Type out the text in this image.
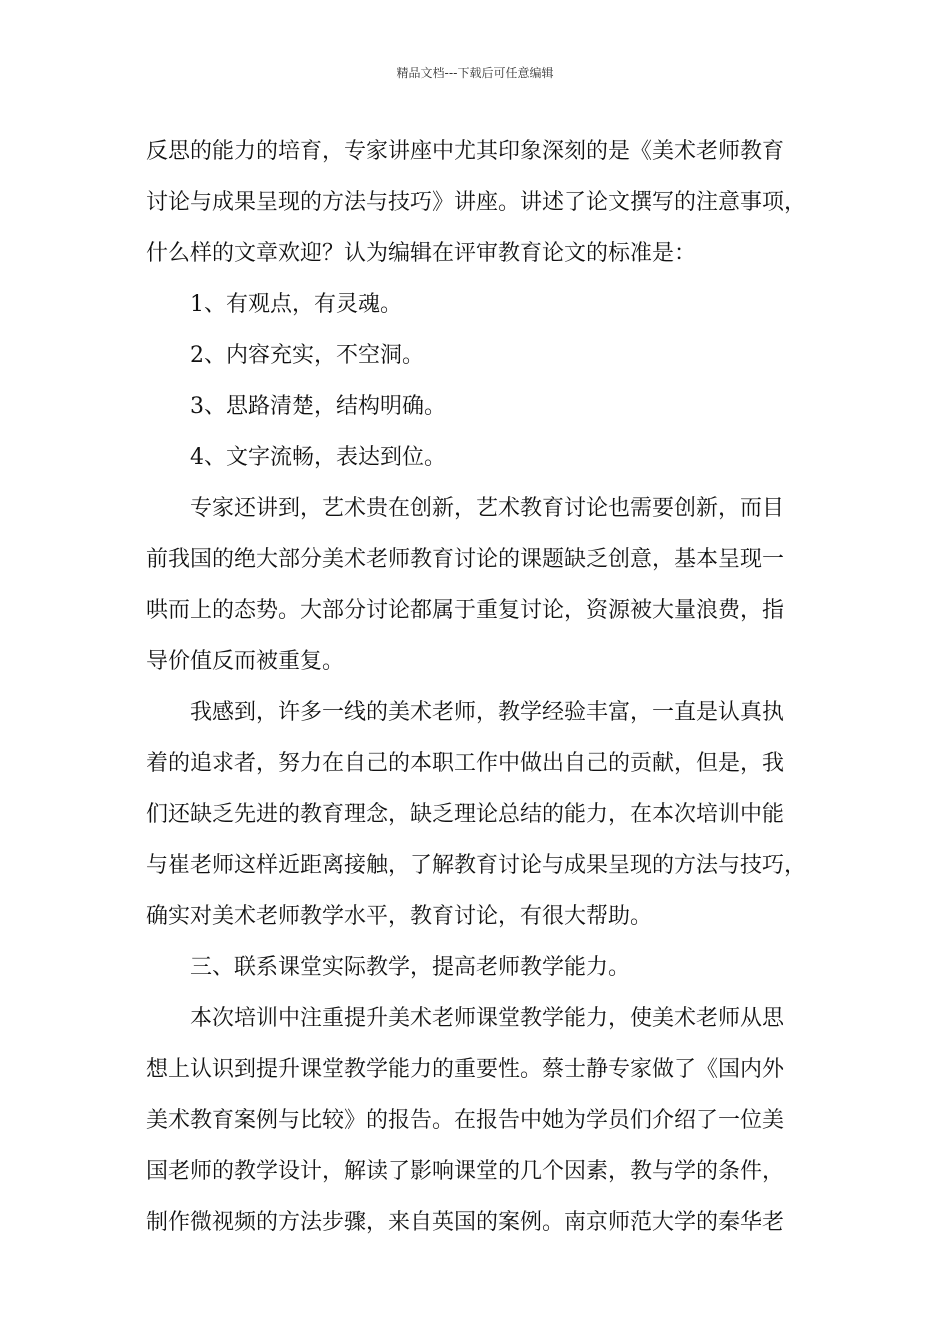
精品文档---下载后可任意编辑
反思的能力的培育，专家讲座中尤其印象深刻的是《美术老师教育
讨论与成果呈现的方法与技巧》讲座。讲述了论文撰写的注意事项，
什么样的文章欢迎？认为编辑在评审教育论文的标准是：
1、有观点，有灵魂。
2、内容充实，不空洞。
3、思路清楚，结构明确。
4、文字流畅，表达到位。
专家还讲到，艺术贵在创新，艺术教育讨论也需要创新，而目
前我国的绝大部分美术老师教育讨论的课题缺乏创意，基本呈现一
哄而上的态势。大部分讨论都属于重复讨论，资源被大量浪费，指
导价值反而被重复。
我感到，许多一线的美术老师，教学经验丰富，一直是认真执
着的追求者，努力在自己的本职工作中做出自己的贡献，但是，我
们还缺乏先进的教育理念，缺乏理论总结的能力，在本次培训中能
与崔老师这样近距离接触，了解教育讨论与成果呈现的方法与技巧，
确实对美术老师教学水平，教育讨论，有很大帮助。
三、联系课堂实际教学，提高老师教学能力。
本次培训中注重提升美术老师课堂教学能力，使美术老师从思
想上认识到提升课堂教学能力的重要性。蔡士静专家做了《国内外
美术教育案例与比较》的报告。在报告中她为学员们介绍了一位美
国老师的教学设计，解读了影响课堂的几个因素，教与学的条件，
制作微视频的方法步骤，来自英国的案例。南京师范大学的秦华老
